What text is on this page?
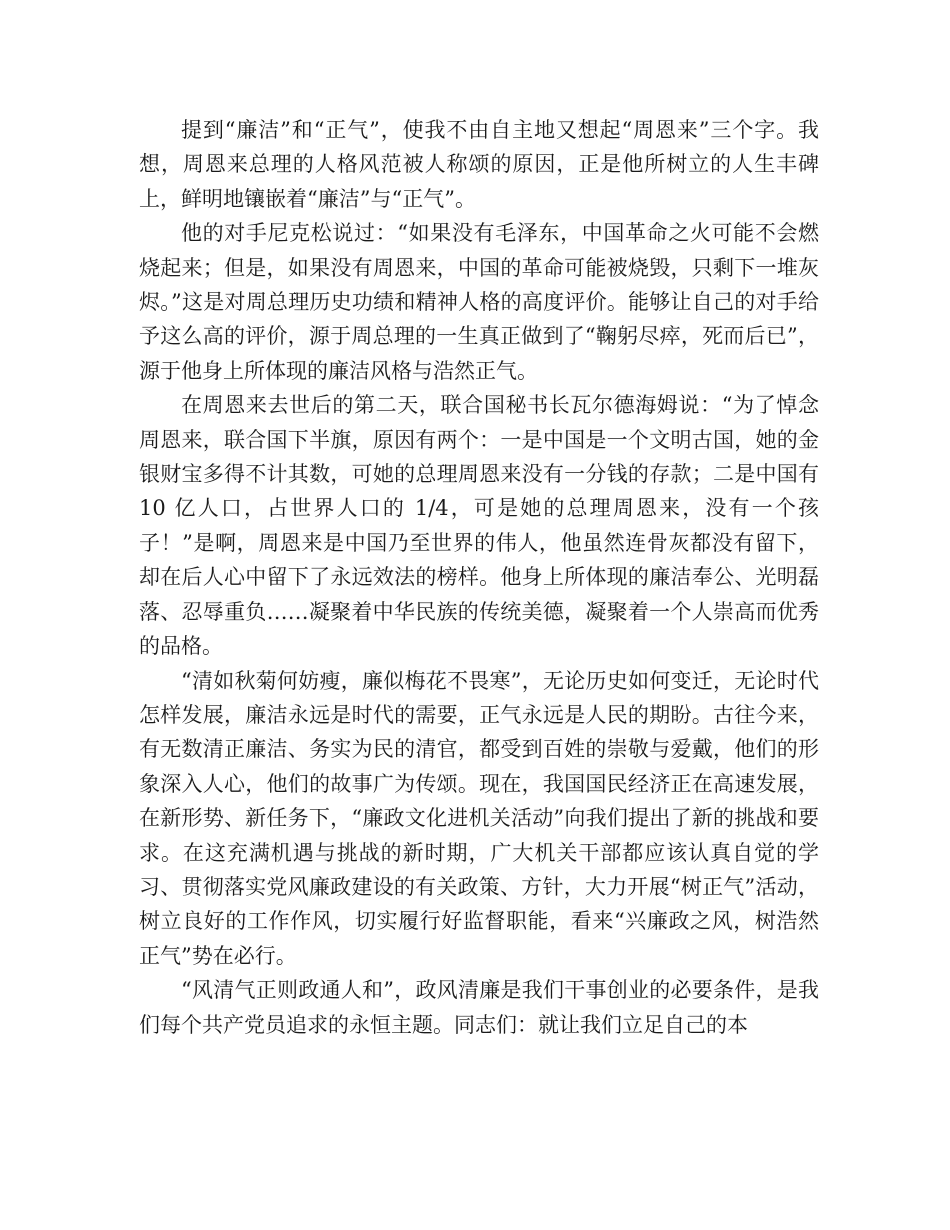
提到“廉洁”和“正气”，使我不由自主地又想起“周恩来”三个字。我想，周恩来总理的人格风范被人称颂的原因，正是他所树立的人生丰碑上，鲜明地镶嵌着“廉洁”与“正气”。

他的对手尼克松说过：“如果没有毛泽东，中国革命之火可能不会燃烧起来；但是，如果没有周恩来，中国的革命可能被烧毁，只剩下一堆灰烬。”这是对周总理历史功绩和精神人格的高度评价。能够让自己的对手给予这么高的评价，源于周总理的一生真正做到了“鞠躬尽瘁，死而后已”，源于他身上所体现的廉洁风格与浩然正气。

在周恩来去世后的第二天，联合国秘书长瓦尔德海姆说：“为了悼念周恩来，联合国下半旗，原因有两个：一是中国是一个文明古国，她的金银财宝多得不计其数，可她的总理周恩来没有一分钱的存款；二是中国有 10 亿人口，占世界人口的 1/4，可是她的总理周恩来，没有一个孩子！”是啊，周恩来是中国乃至世界的伟人，他虽然连骨灰都没有留下，却在后人心中留下了永远效法的榜样。他身上所体现的廉洁奉公、光明磊落、忍辱重负……凝聚着中华民族的传统美德，凝聚着一个人崇高而优秀的品格。

“清如秋菊何妨瘦，廉似梅花不畏寒”，无论历史如何变迁，无论时代怎样发展，廉洁永远是时代的需要，正气永远是人民的期盼。古往今来，有无数清正廉洁、务实为民的清官，都受到百姓的崇敬与爱戴，他们的形象深入人心，他们的故事广为传颂。现在，我国国民经济正在高速发展，在新形势、新任务下，“廉政文化进机关活动”向我们提出了新的挑战和要求。在这充满机遇与挑战的新时期，广大机关干部都应该认真自觉的学习、贯彻落实党风廉政建设的有关政策、方针，大力开展“树正气”活动，树立良好的工作作风，切实履行好监督职能，看来“兴廉政之风，树浩然正气”势在必行。

“风清气正则政通人和”，政风清廉是我们干事创业的必要条件，是我们每个共产党员追求的永恒主题。同志们：就让我们立足自己的本
